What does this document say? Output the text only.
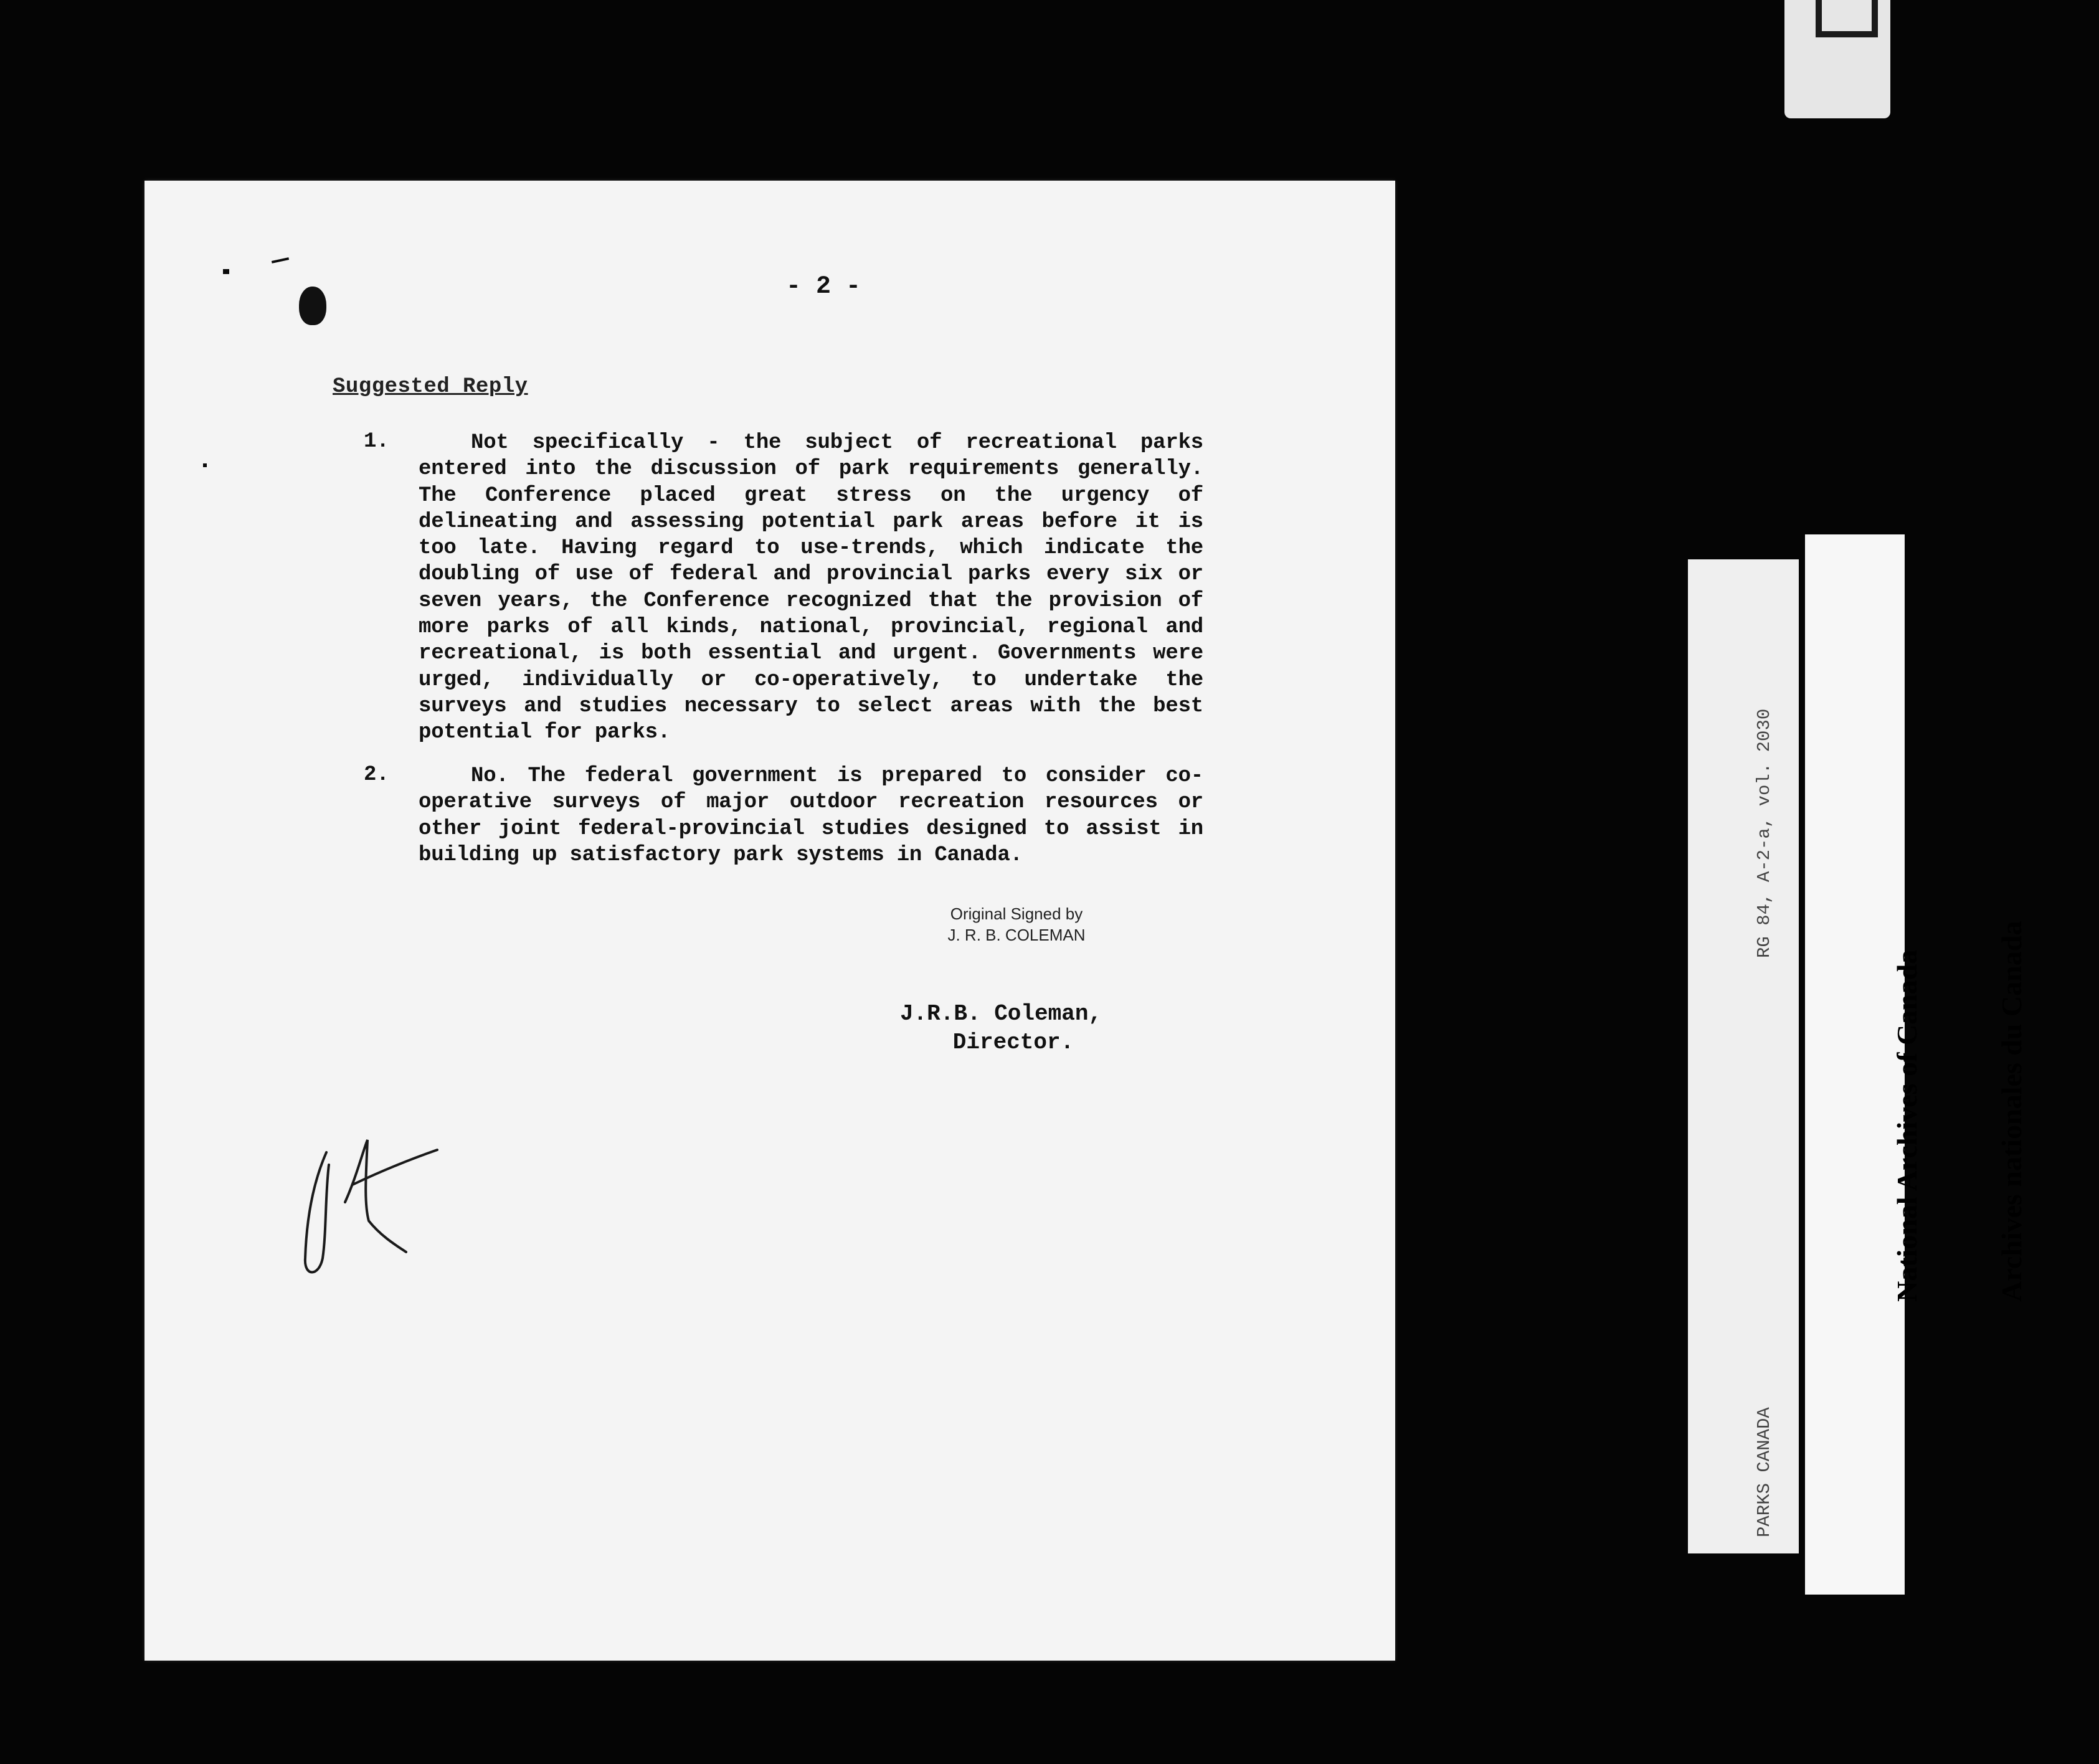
- 2 -
Suggested Reply
1.	Not specifically - the subject of recreational parks entered into the discussion of park requirements generally. The Conference placed great stress on the urgency of delineating and assessing potential park areas before it is too late. Having regard to use-trends, which indicate the doubling of use of federal and provincial parks every six or seven years, the Conference recognized that the provision of more parks of all kinds, national, provincial, regional and recreational, is both essential and urgent. Governments were urged, individually or co-operatively, to undertake the surveys and studies necessary to select areas with the best potential for parks.

2.	No. The federal government is prepared to consider co-operative surveys of major outdoor recreation resources or other joint federal-provincial studies designed to assist in building up satisfactory park systems in Canada.

Original Signed by
J. R. B. COLEMAN
J.R.B. Coleman,
Director.

RG 84, A-2-a, vol. 2030

PARKS CANADA

National Archives of Canada

	Archives nationales du Canada
